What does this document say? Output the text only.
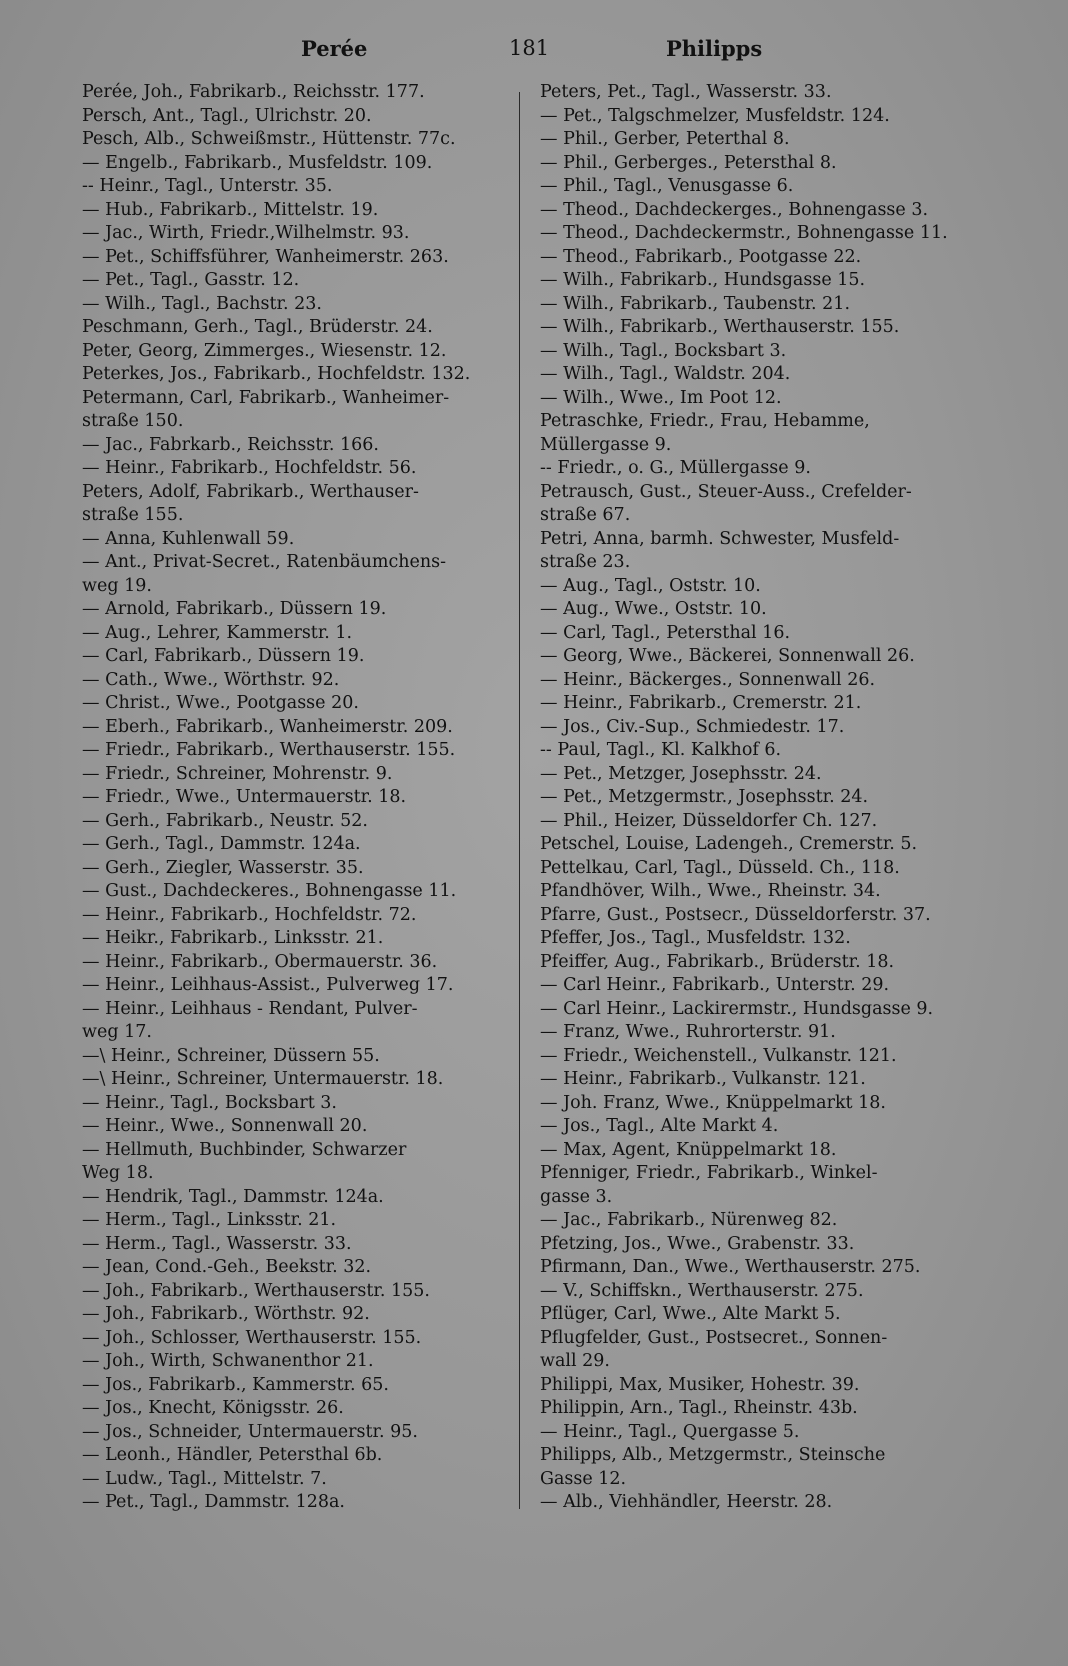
Perée	181	Philipps
Perée, Joh., Fabrikarb., Reichsstr. 177.
Persch, Ant., Tagl., Ulrichstr. 20.
Pesch, Alb., Schweißmstr., Hüttenstr. 77c.
— Engelb., Fabrikarb., Musfeldstr. 109.
-- Heinr., Tagl., Unterstr. 35.
— Hub., Fabrikarb., Mittelstr. 19.
— Jac., Wirth, Friedr.,Wilhelmstr. 93.
— Pet., Schiffsführer, Wanheimerstr. 263.
— Pet., Tagl., Gasstr. 12.
— Wilh., Tagl., Bachstr. 23.
Peschmann, Gerh., Tagl., Brüderstr. 24.
Peter, Georg, Zimmerges., Wiesenstr. 12.
Peterkes, Jos., Fabrikarb., Hochfeldstr. 132.
Petermann, Carl, Fabrikarb., Wanheimer-
straße 150.
— Jac., Fabrkarb., Reichsstr. 166.
— Heinr., Fabrikarb., Hochfeldstr. 56.
Peters, Adolf, Fabrikarb., Werthauser-
straße 155.
— Anna, Kuhlenwall 59.
— Ant., Privat-Secret., Ratenbäumchens-
weg 19.
— Arnold, Fabrikarb., Düssern 19.
— Aug., Lehrer, Kammerstr. 1.
— Carl, Fabrikarb., Düssern 19.
— Cath., Wwe., Wörthstr. 92.
— Christ., Wwe., Pootgasse 20.
— Eberh., Fabrikarb., Wanheimerstr. 209.
— Friedr., Fabrikarb., Werthauserstr. 155.
— Friedr., Schreiner, Mohrenstr. 9.
— Friedr., Wwe., Untermauerstr. 18.
— Gerh., Fabrikarb., Neustr. 52.
— Gerh., Tagl., Dammstr. 124a.
— Gerh., Ziegler, Wasserstr. 35.
— Gust., Dachdeckeres., Bohnengasse 11.
— Heinr., Fabrikarb., Hochfeldstr. 72.
— Heikr., Fabrikarb., Linksstr. 21.
— Heinr., Fabrikarb., Obermauerstr. 36.
— Heinr., Leihhaus-Assist., Pulverweg 17.
— Heinr., Leihhaus - Rendant, Pulver-
weg 17.
—\ Heinr., Schreiner, Düssern 55.
—\ Heinr., Schreiner, Untermauerstr. 18.
— Heinr., Tagl., Bocksbart 3.
— Heinr., Wwe., Sonnenwall 20.
— Hellmuth, Buchbinder, Schwarzer
Weg 18.
— Hendrik, Tagl., Dammstr. 124a.
— Herm., Tagl., Linksstr. 21.
— Herm., Tagl., Wasserstr. 33.
— Jean, Cond.-Geh., Beekstr. 32.
— Joh., Fabrikarb., Werthauserstr. 155.
— Joh., Fabrikarb., Wörthstr. 92.
— Joh., Schlosser, Werthauserstr. 155.
— Joh., Wirth, Schwanenthor 21.
— Jos., Fabrikarb., Kammerstr. 65.
— Jos., Knecht, Königsstr. 26.
— Jos., Schneider, Untermauerstr. 95.
— Leonh., Händler, Petersthal 6b.
— Ludw., Tagl., Mittelstr. 7.
— Pet., Tagl., Dammstr. 128a.
Peters, Pet., Tagl., Wasserstr. 33.
— Pet., Talgschmelzer, Musfeldstr. 124.
— Phil., Gerber, Peterthal 8.
— Phil., Gerberges., Petersthal 8.
— Phil., Tagl., Venusgasse 6.
— Theod., Dachdeckerges., Bohnengasse 3.
— Theod., Dachdeckermstr., Bohnengasse 11.
— Theod., Fabrikarb., Pootgasse 22.
— Wilh., Fabrikarb., Hundsgasse 15.
— Wilh., Fabrikarb., Taubenstr. 21.
— Wilh., Fabrikarb., Werthauserstr. 155.
— Wilh., Tagl., Bocksbart 3.
— Wilh., Tagl., Waldstr. 204.
— Wilh., Wwe., Im Poot 12.
Petraschke, Friedr., Frau, Hebamme,
Müllergasse 9.
-- Friedr., o. G., Müllergasse 9.
Petrausch, Gust., Steuer-Auss., Crefelder-
straße 67.
Petri, Anna, barmh. Schwester, Musfeld-
straße 23.
— Aug., Tagl., Oststr. 10.
— Aug., Wwe., Oststr. 10.
— Carl, Tagl., Petersthal 16.
— Georg, Wwe., Bäckerei, Sonnenwall 26.
— Heinr., Bäckerges., Sonnenwall 26.
— Heinr., Fabrikarb., Cremerstr. 21.
— Jos., Civ.-Sup., Schmiedestr. 17.
-- Paul, Tagl., Kl. Kalkhof 6.
— Pet., Metzger, Josephsstr. 24.
— Pet., Metzgermstr., Josephsstr. 24.
— Phil., Heizer, Düsseldorfer Ch. 127.
Petschel, Louise, Ladengeh., Cremerstr. 5.
Pettelkau, Carl, Tagl., Düsseld. Ch., 118.
Pfandhöver, Wilh., Wwe., Rheinstr. 34.
Pfarre, Gust., Postsecr., Düsseldorferstr. 37.
Pfeffer, Jos., Tagl., Musfeldstr. 132.
Pfeiffer, Aug., Fabrikarb., Brüderstr. 18.
— Carl Heinr., Fabrikarb., Unterstr. 29.
— Carl Heinr., Lackirermstr., Hundsgasse 9.
— Franz, Wwe., Ruhrorterstr. 91.
— Friedr., Weichenstell., Vulkanstr. 121.
— Heinr., Fabrikarb., Vulkanstr. 121.
— Joh. Franz, Wwe., Knüppelmarkt 18.
— Jos., Tagl., Alte Markt 4.
— Max, Agent, Knüppelmarkt 18.
Pfenniger, Friedr., Fabrikarb., Winkel-
gasse 3.
— Jac., Fabrikarb., Nürenweg 82.
Pfetzing, Jos., Wwe., Grabenstr. 33.
Pfirmann, Dan., Wwe., Werthauserstr. 275.
— V., Schiffskn., Werthauserstr. 275.
Pflüger, Carl, Wwe., Alte Markt 5.
Pflugfelder, Gust., Postsecret., Sonnen-
wall 29.
Philippi, Max, Musiker, Hohestr. 39.
Philippin, Arn., Tagl., Rheinstr. 43b.
— Heinr., Tagl., Quergasse 5.
Philipps, Alb., Metzgermstr., Steinsche
Gasse 12.
— Alb., Viehhändler, Heerstr. 28.
